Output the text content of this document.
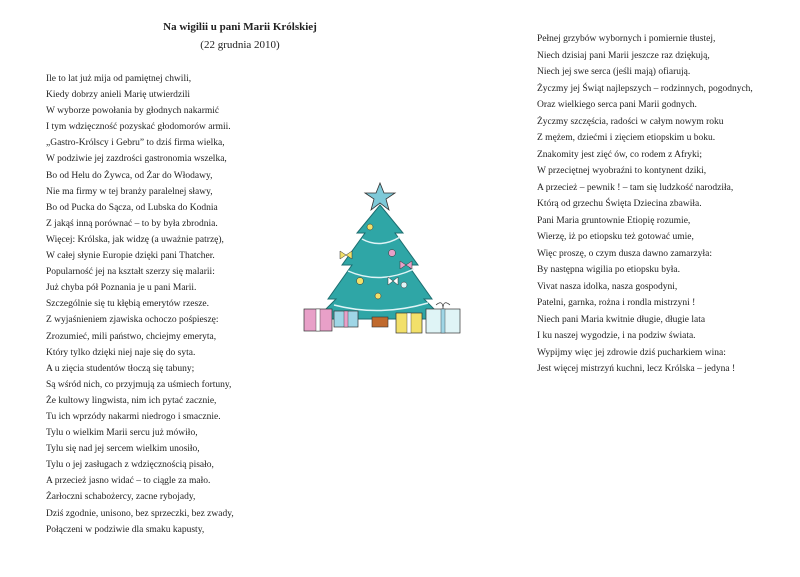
Na wigilii u pani Marii Królskiej
(22 grudnia 2010)
Ile to lat już mija od pamiętnej chwili,
Kiedy dobrzy anieli Marię utwierdzili
W wyborze powołania by głodnych nakarmić
I tym wdzięczność pozyskać głodomorów armii.
„Gastro-Królscy i Gebru” to dziś firma wielka,
W podziwie jej zazdrości gastronomia wszelka,
Bo od Helu do Żywca, od Żar do Włodawy,
Nie ma firmy w tej branży paralelnej sławy,
Bo od Pucka do Sącza, od Lubska do Kodnia
Z jakąś inną porównać – to by była zbrodnia.
Więcej: Królska, jak widzę (a uważnie patrzę),
W całej słynie Europie dzięki pani Thatcher.
Popularność jej na kształt szerzy się malarii:
Już chyba pół Poznania je u pani Marii.
Szczególnie się tu kłębią emerytów rzesze.
Z wyjaśnieniem zjawiska ochoczo pośpieszę:
Zrozumieć, mili państwo, chciejmy emeryta,
Który tylko dzięki niej naje się do syta.
A u zięcia studentów tłoczą się tabuny;
Są wśród nich, co przyjmują za uśmiech fortuny,
Że kultowy lingwista, nim ich pytać zacznie,
Tu ich wprzódy nakarmi niedrogo i smacznie.
Tylu o wielkim Marii sercu już mówiło,
Tylu się nad jej sercem wielkim unosiło,
Tylu o jej zasługach z wdzięcznością pisało,
A przecież jasno widać – to ciągle za mało.
Żarłoczni schabożercy, zacne rybojady,
Dziś zgodnie, unisono, bez sprzeczki, bez zwady,
Połączeni w podziwie dla smaku kapusty,
Pełnej grzybów wybornych i pomiernie tłustej,
Niech dzisiaj pani Marii jeszcze raz dziękują,
Niech jej swe serca (jeśli mają) ofiarują.
Życzmy jej Świąt najlepszych – rodzinnych, pogodnych,
Oraz wielkiego serca pani Marii godnych.
Życzmy szczęścia, radości w całym nowym roku
Z mężem, dziećmi i zięciem etiopskim u boku.
Znakomity jest zięć ów, co rodem z Afryki;
W przeciętnej wyobraźni to kontynent dziki,
A przecież – pewnik ! – tam się ludzkość narodziła,
Którą od grzechu Święta Dziecina zbawiła.
Pani Maria gruntownie Etiopię rozumie,
Wierzę, iż po etiopsku też gotować umie,
Więc proszę, o czym dusza dawno zamarzyła:
By następna wigilia po etiopsku była.
Vivat nasza idolka, nasza gospodyni,
Patelni, garnka, rożna i rondla mistrzyni !
Niech pani Maria kwitnie długie, długie lata
I ku naszej wygodzie, i na podziw świata.
Wypijmy więc jej zdrowie dziś pucharkiem wina:
Jest więcej mistrzyń kuchni, lecz Królska – jedyna !
